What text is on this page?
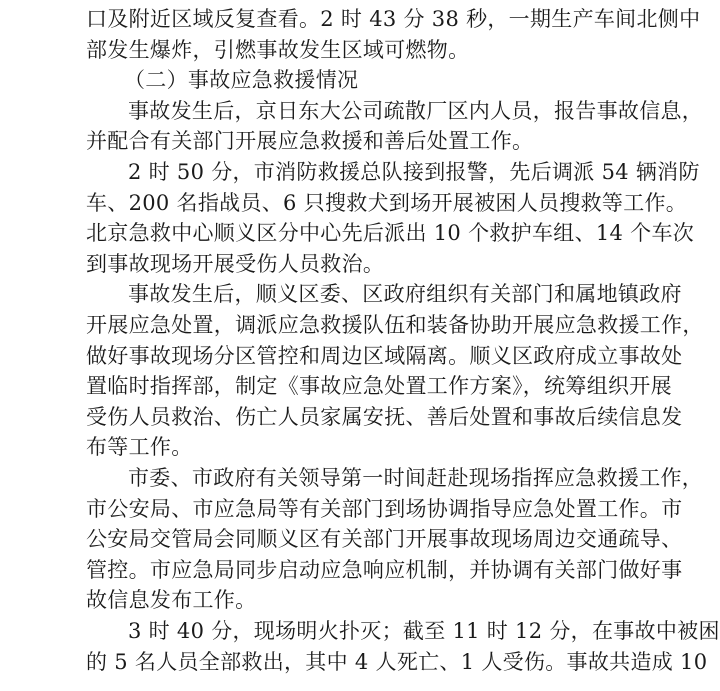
口及附近区域反复查看。2 时 43 分 38 秒，一期生产车间北侧中
部发生爆炸，引燃事故发生区域可燃物。
（二）事故应急救援情况
事故发生后，京日东大公司疏散厂区内人员，报告事故信息，
并配合有关部门开展应急救援和善后处置工作。
2 时 50 分，市消防救援总队接到报警，先后调派 54 辆消防
车、200 名指战员、6 只搜救犬到场开展被困人员搜救等工作。
北京急救中心顺义区分中心先后派出 10 个救护车组、14 个车次
到事故现场开展受伤人员救治。
事故发生后，顺义区委、区政府组织有关部门和属地镇政府
开展应急处置，调派应急救援队伍和装备协助开展应急救援工作，
做好事故现场分区管控和周边区域隔离。顺义区政府成立事故处
置临时指挥部，制定《事故应急处置工作方案》，统筹组织开展
受伤人员救治、伤亡人员家属安抚、善后处置和事故后续信息发
布等工作。
市委、市政府有关领导第一时间赶赴现场指挥应急救援工作，
市公安局、市应急局等有关部门到场协调指导应急处置工作。市
公安局交管局会同顺义区有关部门开展事故现场周边交通疏导、
管控。市应急局同步启动应急响应机制，并协调有关部门做好事
故信息发布工作。
3 时 40 分，现场明火扑灭；截至 11 时 12 分，在事故中被困
的 5 名人员全部救出，其中 4 人死亡、1 人受伤。事故共造成 10
